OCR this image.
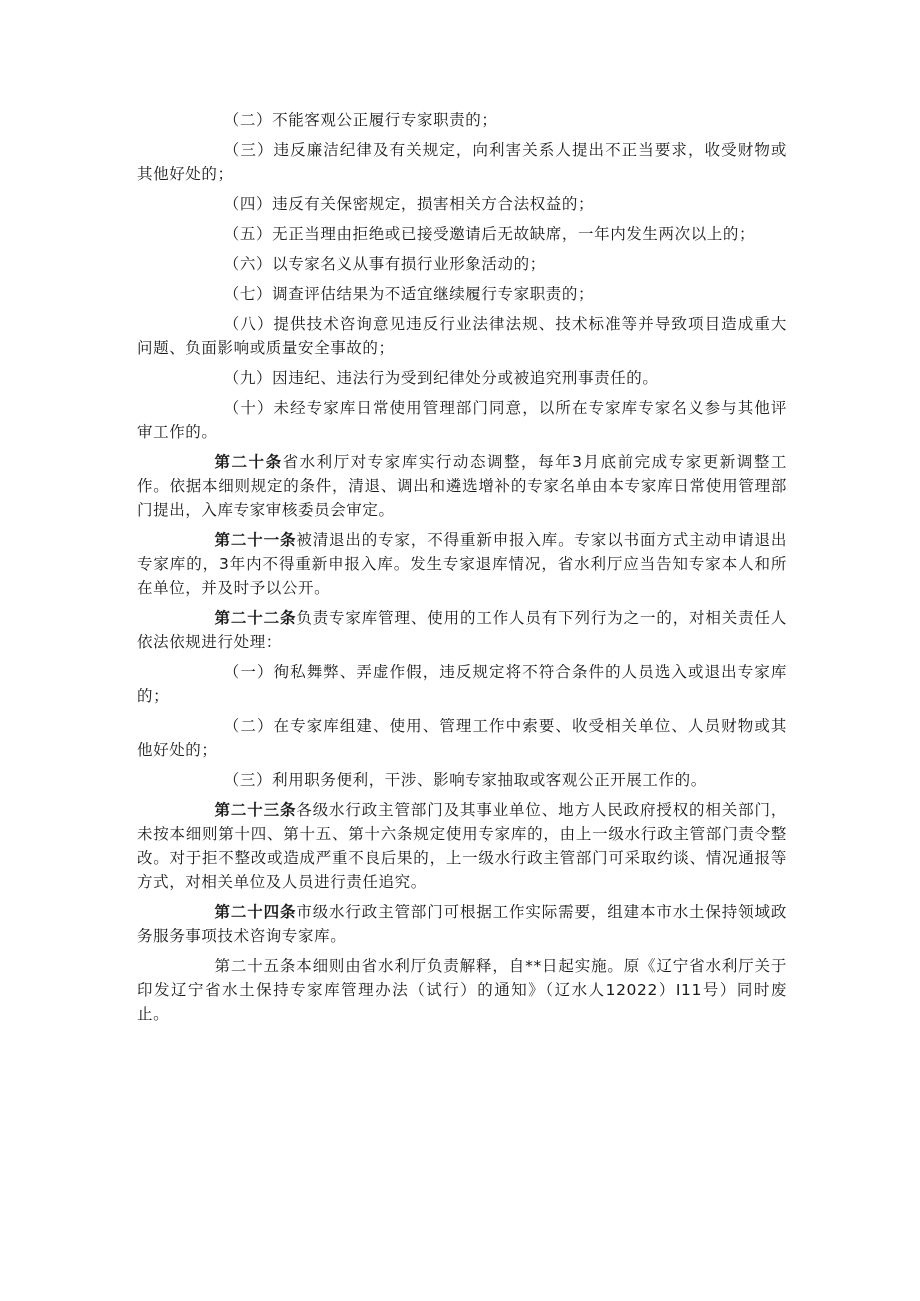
（二）不能客观公正履行专家职责的；

（三）违反廉洁纪律及有关规定，向利害关系人提出不正当要求，收受财物或其他好处的；

（四）违反有关保密规定，损害相关方合法权益的；

（五）无正当理由拒绝或已接受邀请后无故缺席，一年内发生两次以上的；

（六）以专家名义从事有损行业形象活动的；

（七）调查评估结果为不适宜继续履行专家职责的；

（八）提供技术咨询意见违反行业法律法规、技术标准等并导致项目造成重大问题、负面影响或质量安全事故的；

（九）因违纪、违法行为受到纪律处分或被追究刑事责任的。

（十）未经专家库日常使用管理部门同意，以所在专家库专家名义参与其他评审工作的。

第二十条省水利厅对专家库实行动态调整，每年3月底前完成专家更新调整工作。依据本细则规定的条件，清退、调出和遴选增补的专家名单由本专家库日常使用管理部门提出，入库专家审核委员会审定。

第二十一条被清退出的专家，不得重新申报入库。专家以书面方式主动申请退出专家库的，3年内不得重新申报入库。发生专家退库情况，省水利厅应当告知专家本人和所在单位，并及时予以公开。

第二十二条负责专家库管理、使用的工作人员有下列行为之一的，对相关责任人依法依规进行处理：

（一）徇私舞弊、弄虚作假，违反规定将不符合条件的人员选入或退出专家库的；

（二）在专家库组建、使用、管理工作中索要、收受相关单位、人员财物或其他好处的；

（三）利用职务便利，干涉、影响专家抽取或客观公正开展工作的。

第二十三条各级水行政主管部门及其事业单位、地方人民政府授权的相关部门，未按本细则第十四、第十五、第十六条规定使用专家库的，由上一级水行政主管部门责令整改。对于拒不整改或造成严重不良后果的，上一级水行政主管部门可采取约谈、情况通报等方式，对相关单位及人员进行责任追究。

第二十四条市级水行政主管部门可根据工作实际需要，组建本市水土保持领域政务服务事项技术咨询专家库。

第二十五条本细则由省水利厅负责解释，自**日起实施。原《辽宁省水利厅关于印发辽宁省水土保持专家库管理办法（试行）的通知》（辽水人12022）I11号）同时废止。
